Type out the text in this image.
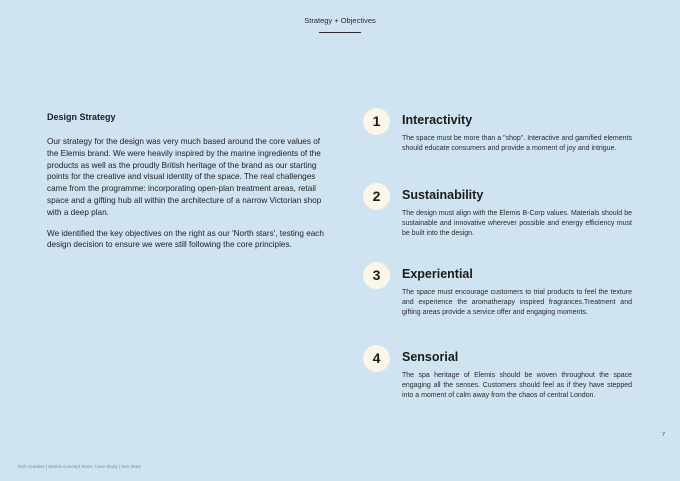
Strategy + Objectives
Design Strategy

Our strategy for the design was very much based around the core values of the Elemis brand. We were heavily inspired by the marine ingredients of the products as well as the proudly British heritage of the brand as our starting points for the creative and visual identity of the space. The real challenges came from the programme: incorporating open-plan treatment areas, retail space and a gifting hub all within the architecture of a narrow Victorian shop with a deep plan.

We identified the key objectives on the right as our 'North stars', testing each design decision to ensure we were still following the core principles.

1	Interactivity
The space must be more than a "shop". Interactive and gamified elements should educate consumers and provide a moment of joy and intrigue.
2	Sustainability
The design must align with the Elemis B-Corp values. Materials should be sustainable and innovative wherever possible and energy efficiency must be built into the design.
3	Experiential
The space must encourage customers to trial products to feel the texture and experience the aromatherapy inspired fragrances.Treatment and gifting areas provide a service offer and engaging moments.
4	Sensorial
The spa heritage of Elemis should be woven throughout the space engaging all the senses. Customers should feel as if they have stepped into a moment of calm away from the chaos of central London.
Eich Creative | Elemis Concept Store: Case Study | Nov 2024
7
